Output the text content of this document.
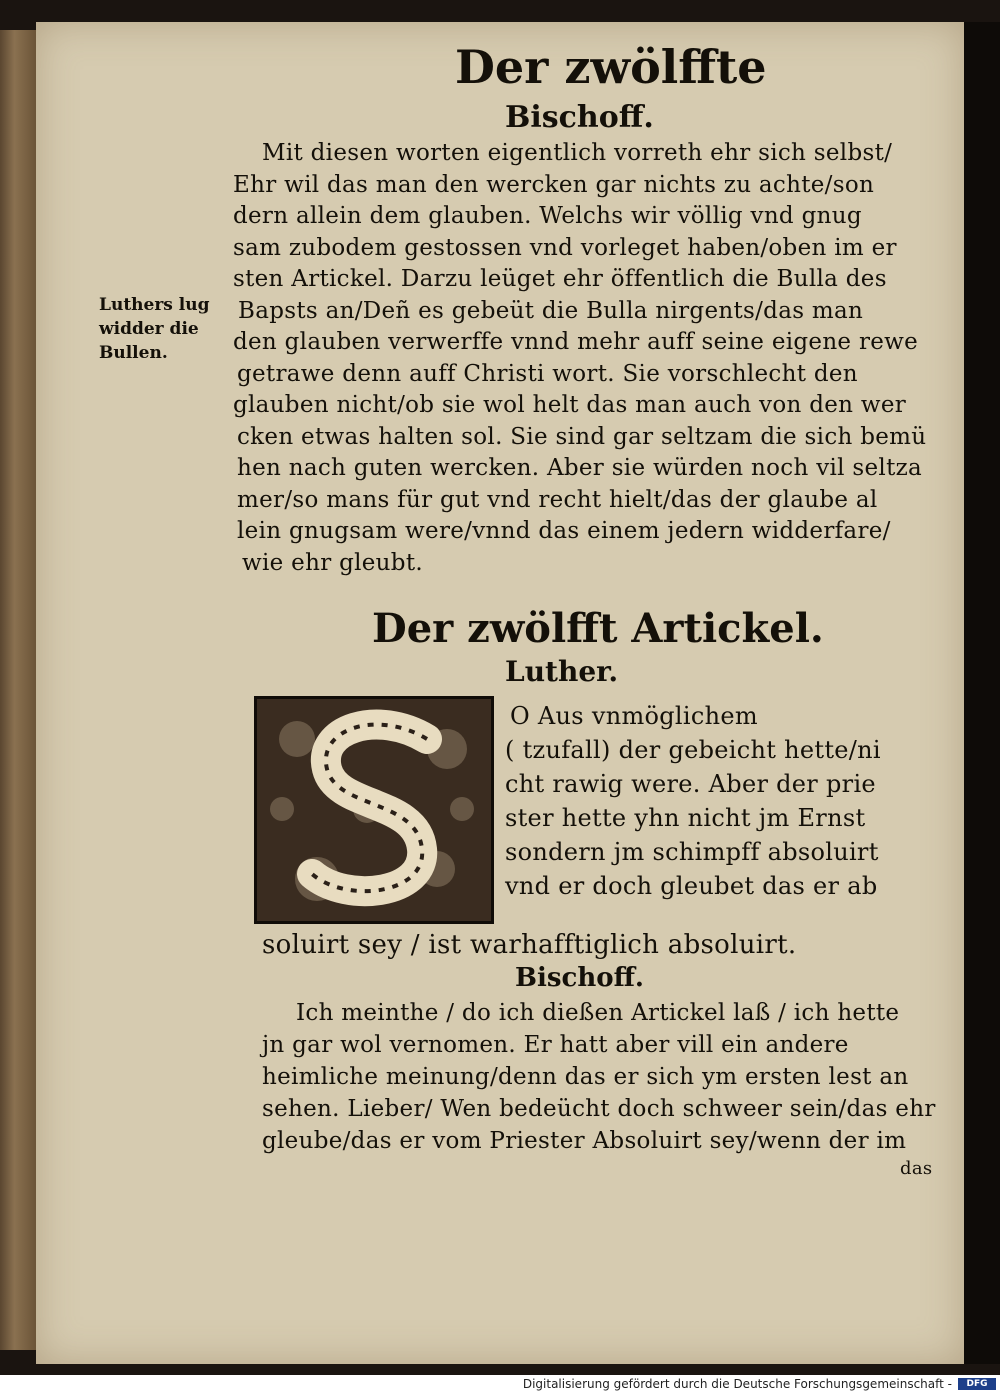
Der zwölffte
Bischoff.
Mit diesen worten eigentlich vorreth ehr sich selbst/
Ehr wil das man den wercken gar nichts zu achte/son
dern allein dem glauben. Welchs wir völlig vnd gnug
sam zubodem gestossen vnd vorleget haben/oben im er
sten Artickel. Darzu leüget ehr öffentlich die Bulla des
Bapsts an/Deñ es gebeüt die Bulla nirgents/das man
den glauben verwerffe vnnd mehr auff seine eigene rewe
getrawe denn auff Christi wort. Sie vorschlecht den
glauben nicht/ob sie wol helt das man auch von den wer
cken etwas halten sol. Sie sind gar seltzam die sich bemü
hen nach guten wercken. Aber sie würden noch vil seltza
mer/so mans für gut vnd recht hielt/das der glaube al
lein gnugsam were/vnnd das einem jedern widderfare/
wie ehr gleubt.
Luthers lug
widder die
Bullen.
Der zwölfft Artickel.
Luther.
O Aus vnmöglichem
( tzufall) der gebeicht hette/ni
cht rawig were. Aber der prie
ster hette yhn nicht jm Ernst
sondern jm schimpff absoluirt
vnd er doch gleubet das er ab
soluirt sey / ist warhafftiglich absoluirt.
Bischoff.
Ich meinthe / do ich dießen Artickel laß / ich hette
jn gar wol vernomen. Er hatt aber vill ein andere
heimliche meinung/denn das er sich ym ersten lest an
sehen. Lieber/ Wen bedeücht doch schweer sein/das ehr
gleube/das er vom Priester Absoluirt sey/wenn der im
das
Digitalisierung gefördert durch die Deutsche Forschungsgemeinschaft -	DFG
